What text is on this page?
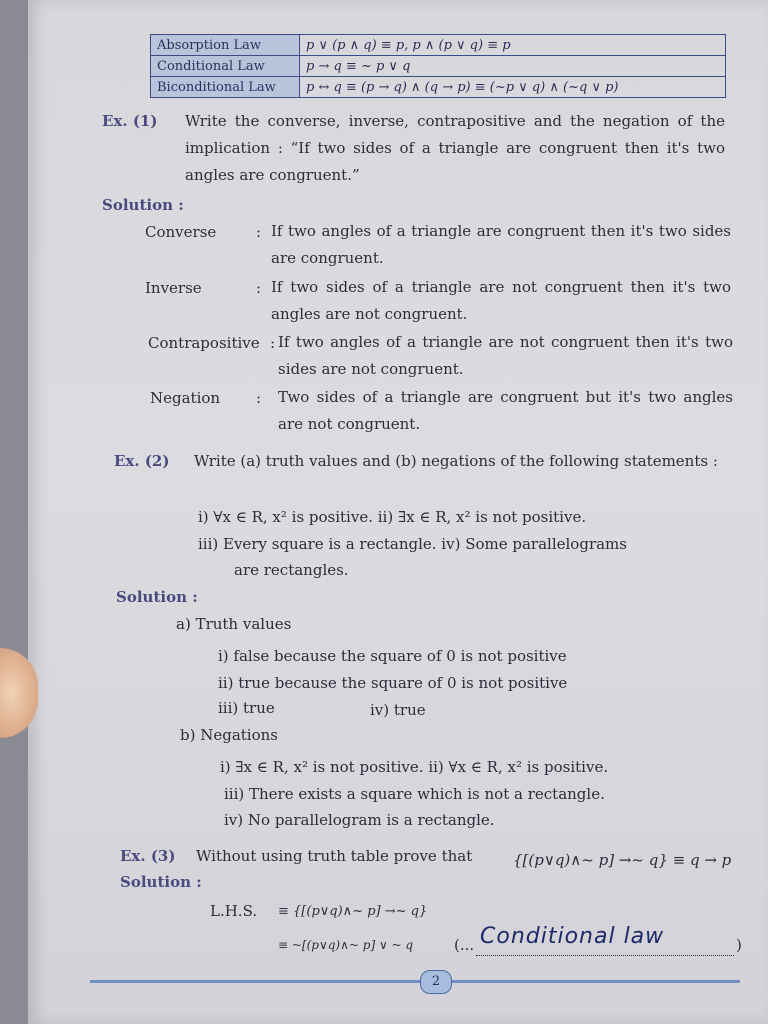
Absorption Law	p ∨ (p ∧ q) ≡ p, p ∧ (p ∨ q) ≡ p
Conditional Law	p → q ≡ ~ p ∨ q
Biconditional Law	p ↔ q ≡ (p → q) ∧ (q → p) ≡ (~p ∨ q) ∧ (~q ∨ p)
Ex. (1) Write the converse, inverse, contrapositive and the negation of the implication : “If two sides of a triangle are congruent then it's two angles are congruent.”
Solution :
Converse	: If two angles of a triangle are congruent then it's two sides are congruent.
Inverse	: If two sides of a triangle are not congruent then it's two angles are not congruent.
Contrapositive : If two angles of a triangle are not congruent then it's two sides are not congruent.
Negation : Two sides of a triangle are congruent but it's two angles are not congruent.
Ex. (2) Write (a) truth values and (b) negations of the following statements :
i) ∀x ∈ R, x² is positive. ii) ∃x ∈ R, x² is not positive.
iii) Every square is a rectangle. iv) Some parallelograms
are rectangles.
Solution :
a) Truth values
i) false because the square of 0 is not positive
ii) true because the square of 0 is not positive
iii) true	iv) true
b) Negations
i) ∃x ∈ R, x² is not positive. ii) ∀x ∈ R, x² is positive.
iii) There exists a square which is not a rectangle.
iv) No parallelogram is a rectangle.
Ex. (3) Without using truth table prove that	{[(p∨q)∧~ p] →~ q} ≡ q → p
Solution :
L.H.S. ≡ {[(p∨q)∧~ p] →~ q}
≡ ~[(p∨q)∧~ p] ∨ ~ q	(... Conditional law	)
2
